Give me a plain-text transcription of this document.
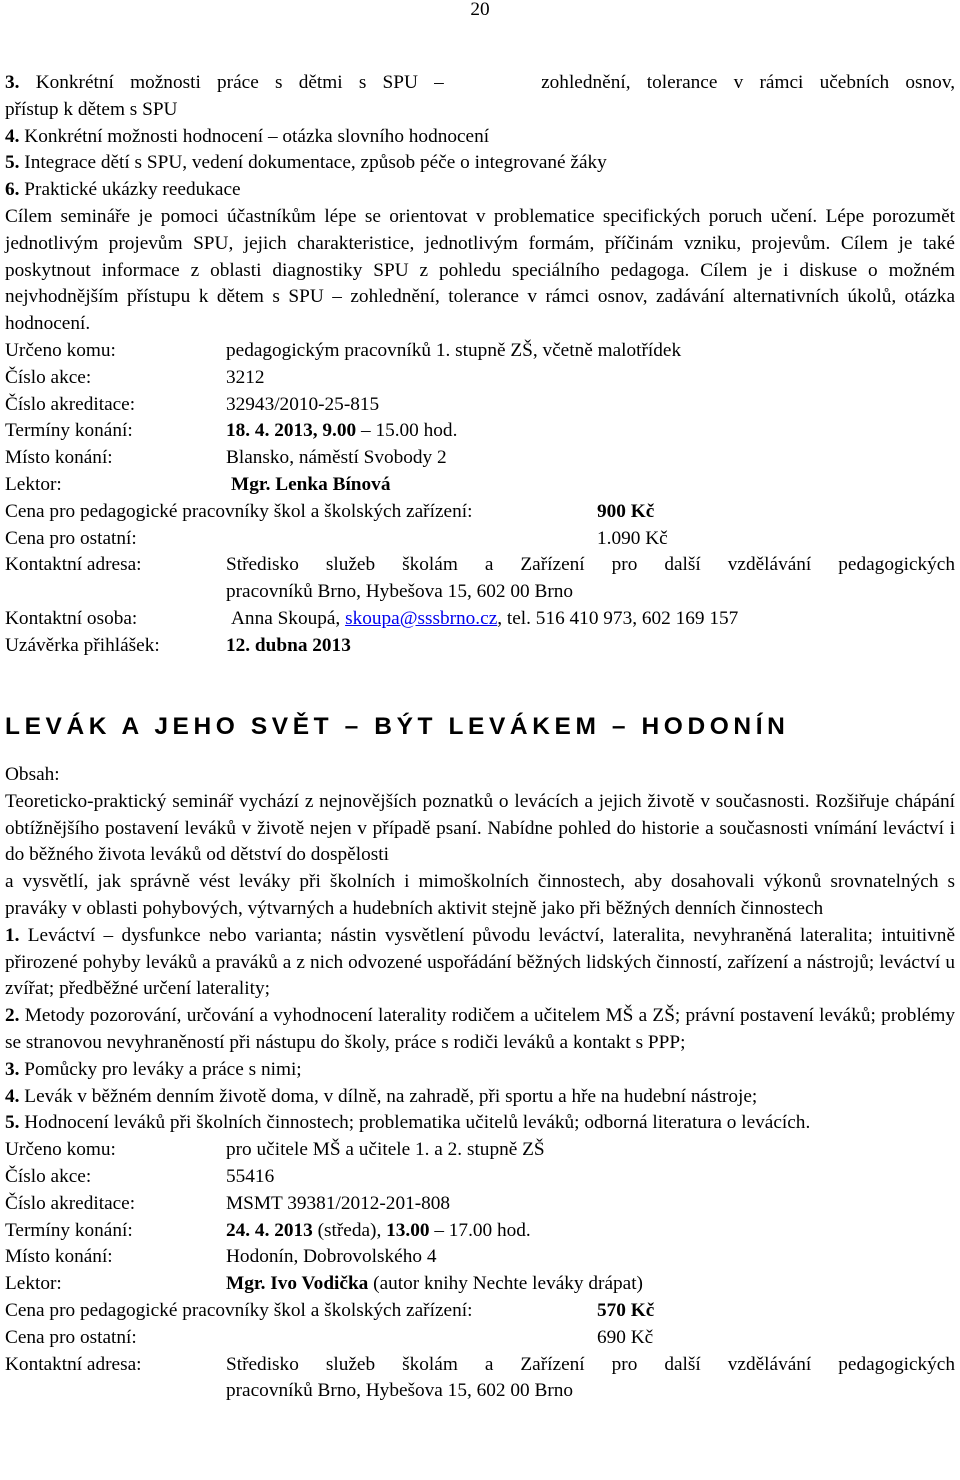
20

3. Konkrétní možnosti práce s dětmi s SPU –	zohlednění, tolerance v rámci učebních osnov,

přístup k dětem s SPU

4. Konkrétní možnosti hodnocení – otázka slovního hodnocení

5. Integrace dětí s SPU, vedení dokumentace, způsob péče o integrované žáky

6. Praktické ukázky reedukace

Cílem semináře je pomoci účastníkům lépe se orientovat v problematice specifických poruch učení. Lépe porozumět jednotlivým projevům SPU, jejich charakteristice, jednotlivým formám, příčinám vzniku, projevům. Cílem je také poskytnout informace z oblasti diagnostiky SPU z pohledu speciálního pedagoga. Cílem je i diskuse o možném nejvhodnějším přístupu k dětem s SPU – zohlednění, tolerance v rámci osnov, zadávání alternativních úkolů, otázka hodnocení.

Určeno komu:	pedagogickým pracovníků 1. stupně ZŠ, včetně malotřídek
Číslo akce:	3212
Číslo akreditace:	32943/2010-25-815
Termíny konání:	18. 4. 2013, 9.00 – 15.00 hod.
Místo konání:	Blansko, náměstí Svobody 2
Lektor:	Mgr. Lenka Bínová
Cena pro pedagogické pracovníky škol a školských zařízení:	900 Kč
Cena pro ostatní:	1.090 Kč
Kontaktní adresa:	Středisko služeb školám a Zařízení pro další vzdělávání pedagogických

pracovníků Brno, Hybešova 15, 602 00 Brno

Kontaktní osoba:	Anna Skoupá, skoupa@sssbrno.cz , tel. 516 410 973, 602 169 157
Uzávěrka přihlášek:	12. dubna 2013
LEVÁK A JEHO SVĚT – BÝT LEVÁKEM – HODONÍN

Obsah:

Teoreticko-praktický seminář vychází z nejnovějších poznatků o levácích a jejich životě v současnosti. Rozšiřuje chápání obtížnějšího postavení leváků v životě nejen v případě psaní. Nabídne pohled do historie a současnosti vnímání leváctví i do běžného života leváků od dětství do dospělosti

a vysvětlí, jak správně vést leváky při školních i mimoškolních činnostech, aby dosahovali výkonů srovnatelných s praváky v oblasti pohybových, výtvarných a hudebních aktivit stejně jako při běžných denních činnostech

1. Leváctví – dysfunkce nebo varianta; nástin vysvětlení původu leváctví, lateralita, nevyhraněná lateralita; intuitivně přirozené pohyby leváků a praváků a z nich odvozené uspořádání běžných lidských činností, zařízení a nástrojů; leváctví u zvířat; předběžné určení laterality;

2. Metody pozorování, určování a vyhodnocení laterality rodičem a učitelem MŠ a ZŠ; právní postavení leváků; problémy se stranovou nevyhraněností při nástupu do školy, práce s rodiči leváků a kontakt s PPP;

3. Pomůcky pro leváky a práce s nimi;

4. Levák v běžném denním životě doma, v dílně, na zahradě, při sportu a hře na hudební nástroje;

5. Hodnocení leváků při školních činnostech; problematika učitelů leváků; odborná literatura o levácích.

Určeno komu:	pro učitele MŠ a učitele 1. a 2. stupně ZŠ
Číslo akce:	55416
Číslo akreditace:	MSMT 39381/2012-201-808
Termíny konání:	24. 4. 2013 (středa), 13.00 – 17.00 hod.
Místo konání:	Hodonín, Dobrovolského 4
Lektor:	Mgr. Ivo Vodička (autor knihy Nechte leváky drápat)
Cena pro pedagogické pracovníky škol a školských zařízení:	570 Kč
Cena pro ostatní:	690 Kč
Kontaktní adresa:	Středisko služeb školám a Zařízení pro další vzdělávání pedagogických

pracovníků Brno, Hybešova 15, 602 00 Brno
